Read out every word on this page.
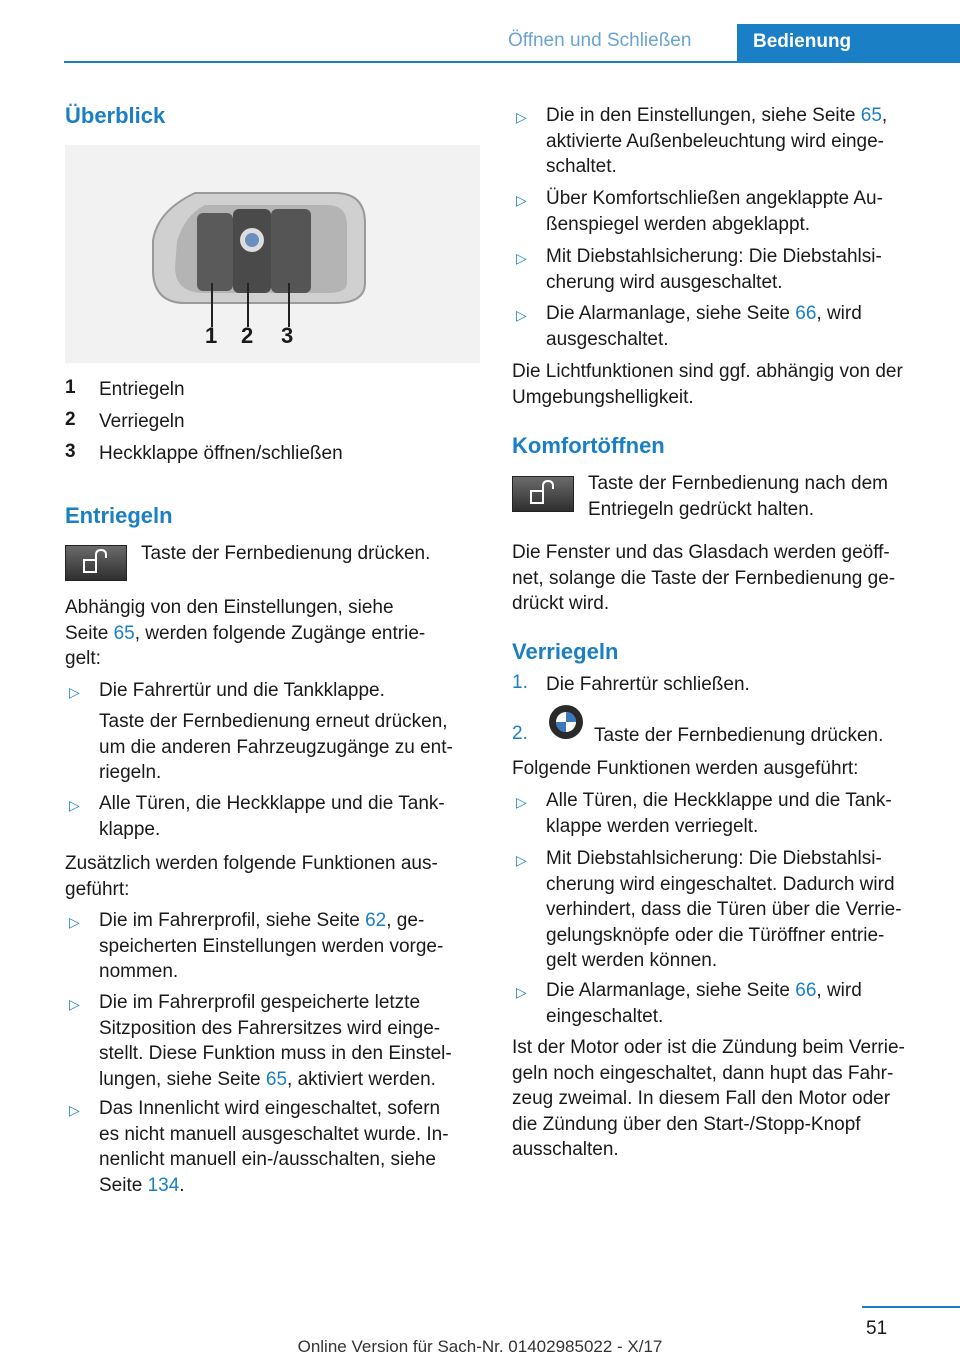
Öffnen und Schließen	Bedienung
Überblick
1 2 3
1 Entriegeln
2 Verriegeln
3 Heckklappe öffnen/schließen
Entriegeln
Taste der Fernbedienung drücken.
Abhängig von den Einstellungen, siehe
Seite 65, werden folgende Zugänge entrie‐
gelt:
▷ Die Fahrertür und die Tankklappe.
Taste der Fernbedienung erneut drücken,
um die anderen Fahrzeugzugänge zu ent‐
riegeln.
▷ Alle Türen, die Heckklappe und die Tank‐
klappe.
Zusätzlich werden folgende Funktionen aus‐
geführt:
▷ Die im Fahrerprofil, siehe Seite 62, ge‐
speicherten Einstellungen werden vorge‐
nommen.
▷ Die im Fahrerprofil gespeicherte letzte
Sitzposition des Fahrersitzes wird einge‐
stellt. Diese Funktion muss in den Einstel‐
lungen, siehe Seite 65, aktiviert werden.
▷ Das Innenlicht wird eingeschaltet, sofern
es nicht manuell ausgeschaltet wurde. In‐
nenlicht manuell ein-/ausschalten, siehe
Seite 134.
▷ Die in den Einstellungen, siehe Seite 65,
aktivierte Außenbeleuchtung wird einge‐
schaltet.
▷ Über Komfortschließen angeklappte Au‐
ßenspiegel werden abgeklappt.
▷ Mit Diebstahlsicherung: Die Diebstahlsi‐
cherung wird ausgeschaltet.
▷ Die Alarmanlage, siehe Seite 66, wird
ausgeschaltet.
Die Lichtfunktionen sind ggf. abhängig von der
Umgebungshelligkeit.
Komfortöffnen
Taste der Fernbedienung nach dem
Entriegeln gedrückt halten.
Die Fenster und das Glasdach werden geöff‐
net, solange die Taste der Fernbedienung ge‐
drückt wird.
Verriegeln
1. Die Fahrertür schließen.
2.	Taste der Fernbedienung drücken.
Folgende Funktionen werden ausgeführt:
▷ Alle Türen, die Heckklappe und die Tank‐
klappe werden verriegelt.
▷ Mit Diebstahlsicherung: Die Diebstahlsi‐
cherung wird eingeschaltet. Dadurch wird
verhindert, dass die Türen über die Verrie‐
gelungsknöpfe oder die Türöffner entrie‐
gelt werden können.
▷ Die Alarmanlage, siehe Seite 66, wird
eingeschaltet.
Ist der Motor oder ist die Zündung beim Verrie‐
geln noch eingeschaltet, dann hupt das Fahr‐
zeug zweimal. In diesem Fall den Motor oder
die Zündung über den Start-/Stopp-Knopf
ausschalten.
51
Online Version für Sach-Nr. 01402985022 - X/17
